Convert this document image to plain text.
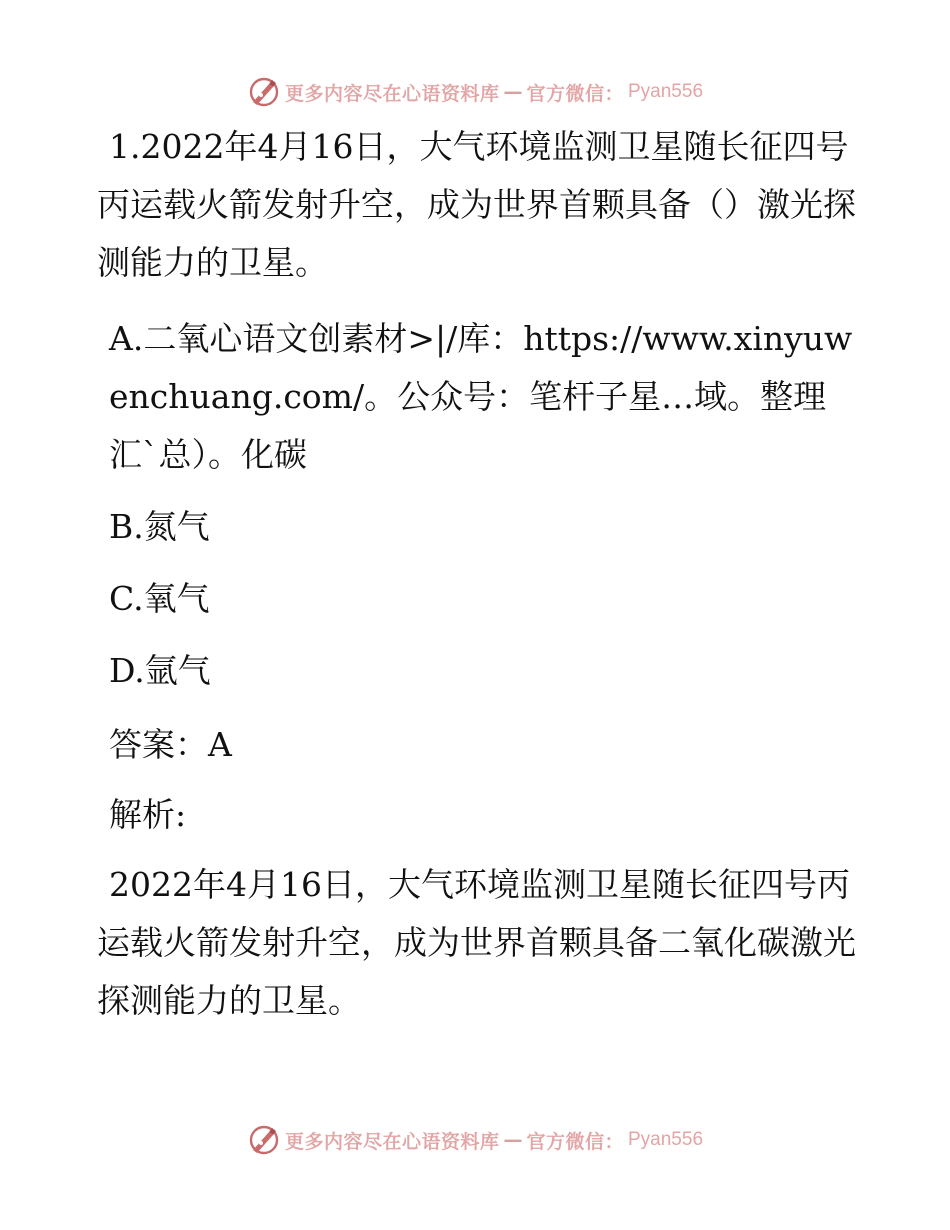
更多内容尽在心语资料库 — 官方微信： Pyan556

1.2022年4月16日，大气环境监测卫星随长征四号丙运载火箭发射升空，成为世界首颗具备（）激光探测能力的卫星。

A.二氧心语文创素材>|/库：https://www.xinyuwenchuang.com/。公众号：笔杆子星…域。整理汇`总）。化碳

B.氮气

C.氧气

D.氩气

答案：A

解析:

2022年4月16日，大气环境监测卫星随长征四号丙运载火箭发射升空，成为世界首颗具备二氧化碳激光探测能力的卫星。

更多内容尽在心语资料库 — 官方微信： Pyan556
